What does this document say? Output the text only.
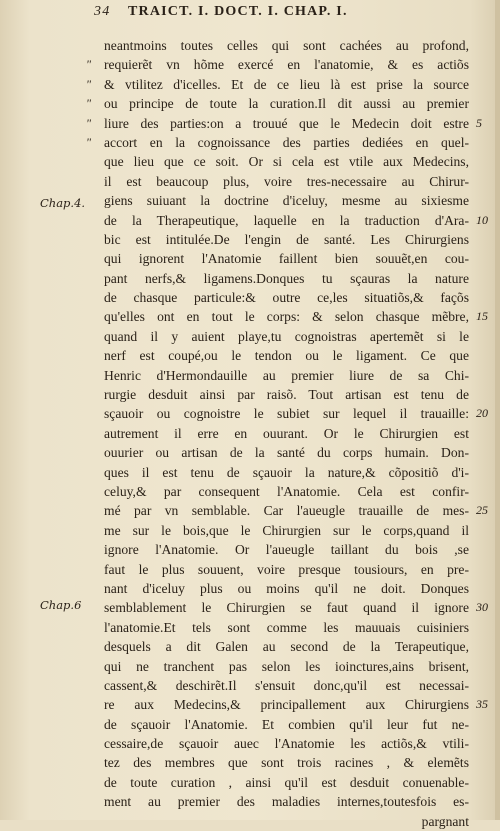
34 TRAICT. I. DOCT. I. CHAP. I.
Chap.4.
Chap.6
neantmoins toutes celles qui sont cachées au profond,
" requierẽt vn hõme exercé en l'anatomie, & es actiõs
" & vtilitez d'icelles. Et de ce lieu là est prise la source
" ou principe de toute la curation.Il dit aussi au premier
" liure des parties:on a trouué que le Medecin doit estre 5
" accort en la cognoissance des parties dediées en quel-
que lieu que ce soit. Or si cela est vtile aux Medecins,
il est beaucoup plus, voire tres-necessaire au Chirur-
giens suiuant la doctrine d'iceluy, mesme au sixiesme
de la Therapeutique, laquelle en la traduction d'Ara- 10
bic est intitulée.De l'engin de santé. Les Chirurgiens
qui ignorent l'Anatomie faillent bien souuẽt,en cou-
pant nerfs,& ligamens.Donques tu sçauras la nature
de chasque particule:& outre ce,les situatiõs,& façõs
qu'elles ont en tout le corps: & selon chasque mẽbre, 15
quand il y auient playe,tu cognoistras apertemẽt si le
nerf est coupé,ou le tendon ou le ligament. Ce que
Henric d'Hermondauille au premier liure de sa Chi-
rurgie desduit ainsi par raisõ. Tout artisan est tenu de
sçauoir ou cognoistre le subiet sur lequel il trauaille: 20
autrement il erre en ouurant. Or le Chirurgien est
ouurier ou artisan de la santé du corps humain. Don-
ques il est tenu de sçauoir la nature,& cõpositiõ d'i-
celuy,& par consequent l'Anatomie. Cela est confir-
mé par vn semblable. Car l'aueugle trauaille de mes- 25
me sur le bois,que le Chirurgien sur le corps,quand il
ignore l'Anatomie. Or l'aueugle taillant du bois ,se
faut le plus souuent, voire presque tousiours, en pre-
nant d'iceluy plus ou moins qu'il ne doit. Donques
semblablement le Chirurgien se faut quand il ignore 30
l'anatomie.Et tels sont comme les mauuais cuisiniers
desquels a dit Galen au second de la Terapeutique,
qui ne tranchent pas selon les ioinctures,ains brisent,
cassent,& deschirẽt.Il s'ensuit donc,qu'il est necessai-
re aux Medecins,& principallement aux Chirurgiens 35
de sçauoir l'Anatomie. Et combien qu'il leur fut ne-
cessaire,de sçauoir auec l'Anatomie les actiõs,& vtili-
tez des membres que sont trois racines , & elemẽts
de toute curation , ainsi qu'il est desduit conuenable-
ment au premier des maladies internes,toutesfois es-
pargnant
